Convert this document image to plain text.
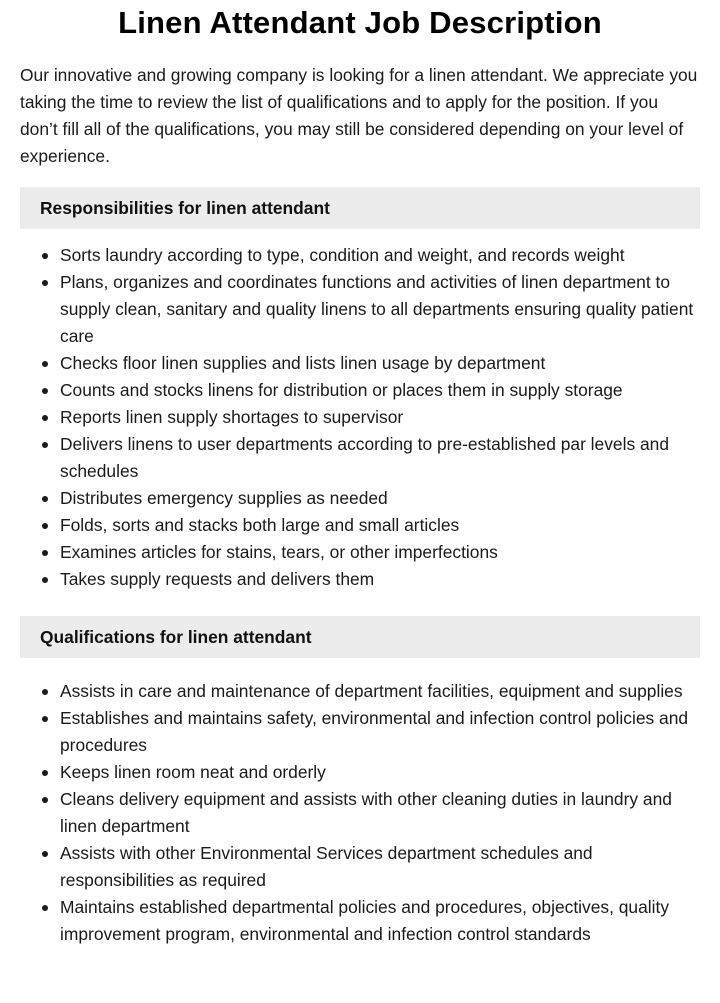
Linen Attendant Job Description

Our innovative and growing company is looking for a linen attendant. We appreciate you taking the time to review the list of qualifications and to apply for the position. If you don’t fill all of the qualifications, you may still be considered depending on your level of experience.

Responsibilities for linen attendant
Sorts laundry according to type, condition and weight, and records weight
Plans, organizes and coordinates functions and activities of linen department to supply clean, sanitary and quality linens to all departments ensuring quality patient care
Checks floor linen supplies and lists linen usage by department
Counts and stocks linens for distribution or places them in supply storage
Reports linen supply shortages to supervisor
Delivers linens to user departments according to pre-established par levels and schedules
Distributes emergency supplies as needed
Folds, sorts and stacks both large and small articles
Examines articles for stains, tears, or other imperfections
Takes supply requests and delivers them
Qualifications for linen attendant
Assists in care and maintenance of department facilities, equipment and supplies
Establishes and maintains safety, environmental and infection control policies and procedures
Keeps linen room neat and orderly
Cleans delivery equipment and assists with other cleaning duties in laundry and linen department
Assists with other Environmental Services department schedules and responsibilities as required
Maintains established departmental policies and procedures, objectives, quality improvement program, environmental and infection control standards
